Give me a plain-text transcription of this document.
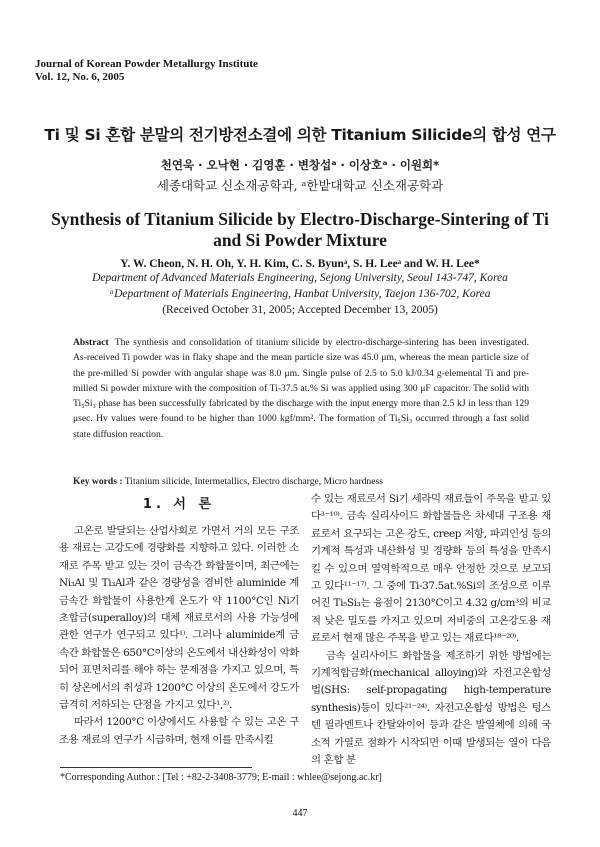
Journal of Korean Powder Metallurgy Institute
Vol. 12, No. 6, 2005
Ti 및 Si 혼합 분말의 전기방전소결에 의한 Titanium Silicide의 합성 연구
천연욱 · 오낙현 · 김영훈 · 변창섭ᵃ · 이상호ᵃ · 이원희*
세종대학교 신소재공학과, ᵃ한밭대학교 신소재공학과
Synthesis of Titanium Silicide by Electro-Discharge-Sintering of Ti and Si Powder Mixture
Y. W. Cheon, N. H. Oh, Y. H. Kim, C. S. Byunᵃ, S. H. Leeᵃ and W. H. Lee*
Department of Advanced Materials Engineering, Sejong University, Seoul 143-747, Korea
ᵃDepartment of Materials Engineering, Hanbat University, Taejon 136-702, Korea
(Received October 31, 2005; Accepted December 13, 2005)
Abstract The synthesis and consolidation of titanium silicide by electro-discharge-sintering has been investigated. As-received Ti powder was in flaky shape and the mean particle size was 45.0 μm, whereas the mean particle size of the pre-milled Si powder with angular shape was 8.0 μm. Single pulse of 2.5 to 5.0 kJ/0.34 g-elemental Ti and pre-milled Si powder mixture with the composition of Ti-37.5 at.% Si was applied using 300 μF capacitor. The solid with Ti₅Si₃ phase has been successfully fabricated by the discharge with the input energy more than 2.5 kJ in less than 129 μsec. Hv values were found to be higher than 1000 kgf/mm². The formation of Ti₅Si₃ occurred through a fast solid state diffusion reaction.
Key words : Titanium silicide, Intermetallics, Electro discharge, Micro hardness
1. 서 론

고온로 발달되는 산업사회로 가면서 거의 모든 구조용 재료는 고강도에 경량화를 지향하고 있다. 이러한 소재로 주목 받고 있는 것이 금속간 화합물이며, 최근에는 Ni₃Al 및 Ti₃Al과 같은 경량성을 겸비한 aluminide 계 금속간 화합물이 사용한계 온도가 약 1100°C인 Ni기 초합금(superalloy)의 대체 재료로서의 사용 가능성에 관한 연구가 연구되고 있다¹⁾. 그러나 aluminide계 금속간 화합물은 650°C이상의 온도에서 내산화성이 악화되어 표면처리를 해야 하는 문제점을 가지고 있으며, 특히 상온에서의 취성과 1200°C 이상의 온도에서 강도가 급격히 저하되는 단점을 가지고 있다¹,²⁾.

따라서 1200°C 이상에서도 사용할 수 있는 고온 구조용 재료의 연구가 시급하며, 현재 이를 만족시킬

수 있는 재료로서 Si기 세라믹 재료들이 주목을 받고 있다³⁻¹⁰⁾. 금속 실리사이드 화합물들은 차세대 구조용 재료로서 요구되는 고온 강도, creep 저항, 파괴인성 등의 기계적 특성과 내산화성 및 경량화 등의 특성을 만족시킬 수 있으며 열역학적으로 매우 안정한 것으로 보고되고 있다¹¹⁻¹⁷⁾. 그 중에 Ti-37.5at.%Si의 조성으로 이루어진 Ti₅Si₃는 융점이 2130°C이고 4.32 g/cm³의 비교적 낮은 밀도를 가지고 있으며 저비중의 고온강도용 재료로서 현재 많은 주목을 받고 있는 재료다¹⁸⁻²⁰⁾.

금속 실리사이드 화합물을 제조하기 위한 방법에는 기계적합금화(mechanical alloying)와 자전고온합성법(SHS: self-propagating high-temperature synthesis)등이 있다²¹⁻²⁴⁾. 자전고온합성 방법은 텅스텐 필라멘트나 칸탈와이어 등과 같은 발열체에 의해 국소적 가열로 점화가 시작되면 이때 발생되는 열이 다음의 혼합 분

*Corresponding Author : [Tel : +82-2-3408-3779; E-mail : whlee@sejong.ac.kr]
447
